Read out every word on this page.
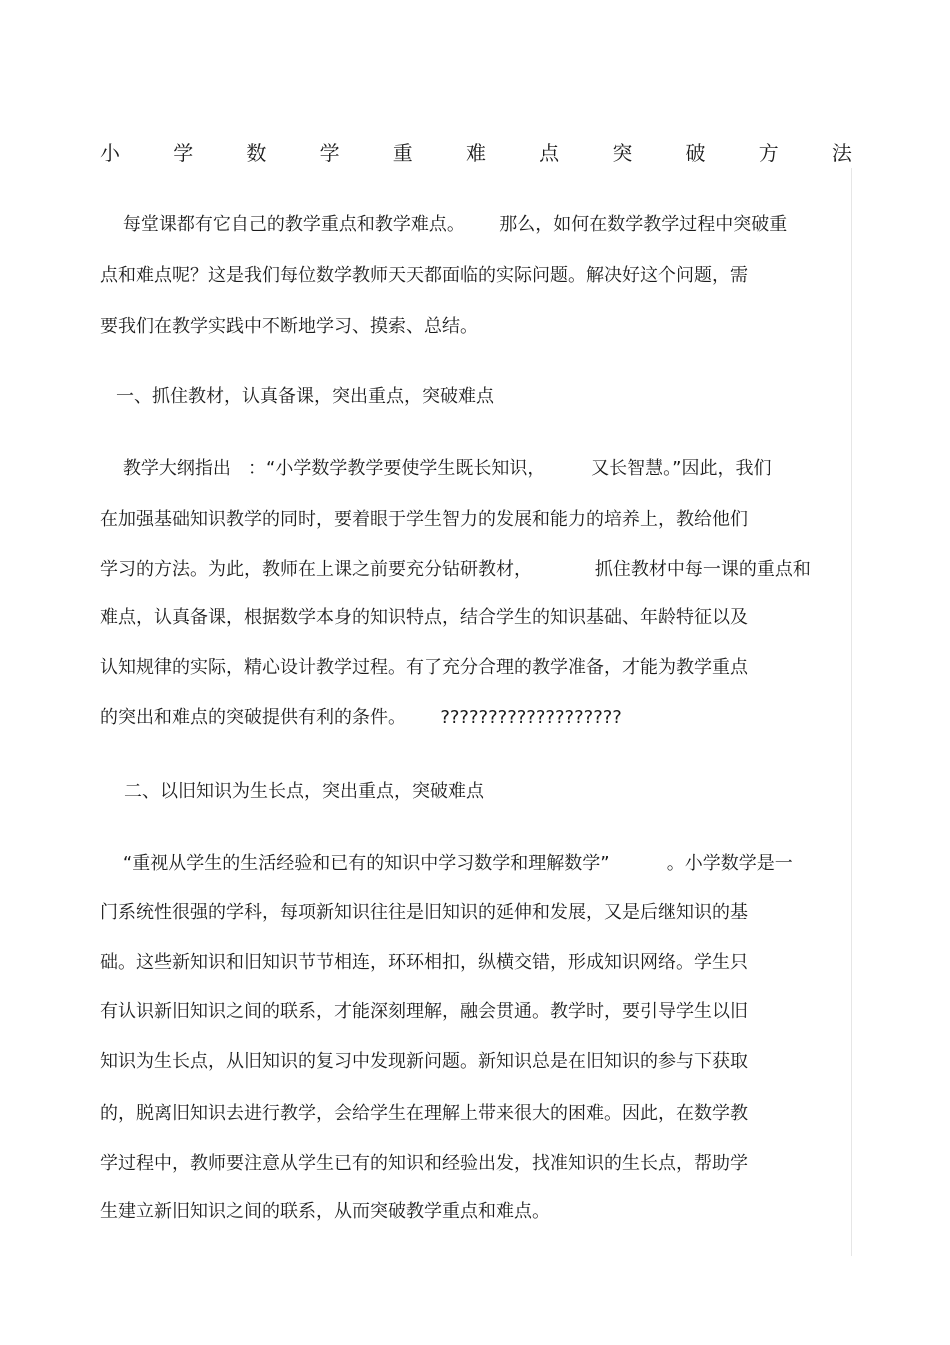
小	学	数	学	重	难	点	突	破	方	法
每堂课都有它自己的教学重点和教学难点。      那么，如何在数学教学过程中突破重
点和难点呢？这是我们每位数学教师天天都面临的实际问题。解决好这个问题，需
要我们在教学实践中不断地学习、摸索、总结。
一、抓住教材，认真备课，突出重点，突破难点
教学大纲指出   ：“小学数学教学要使学生既长知识，        又长智慧。”因此，我们
在加强基础知识教学的同时，要着眼于学生智力的发展和能力的培养上，教给他们
学习的方法。为此，教师在上课之前要充分钻研教材，           抓住教材中每一课的重点和
难点，认真备课，根据数学本身的知识特点，结合学生的知识基础、年龄特征以及
认知规律的实际，精心设计教学过程。有了充分合理的教学准备，才能为教学重点
的突出和难点的突破提供有利的条件。      ???????????????????
二、以旧知识为生长点，突出重点，突破难点
“重视从学生的生活经验和已有的知识中学习数学和理解数学”          。小学数学是一
门系统性很强的学科，每项新知识往往是旧知识的延伸和发展，又是后继知识的基
础。这些新知识和旧知识节节相连，环环相扣，纵横交错，形成知识网络。学生只
有认识新旧知识之间的联系，才能深刻理解，融会贯通。教学时，要引导学生以旧
知识为生长点，从旧知识的复习中发现新问题。新知识总是在旧知识的参与下获取
的，脱离旧知识去进行教学，会给学生在理解上带来很大的困难。因此，在数学教
学过程中，教师要注意从学生已有的知识和经验出发，找准知识的生长点，帮助学
生建立新旧知识之间的联系，从而突破教学重点和难点。
